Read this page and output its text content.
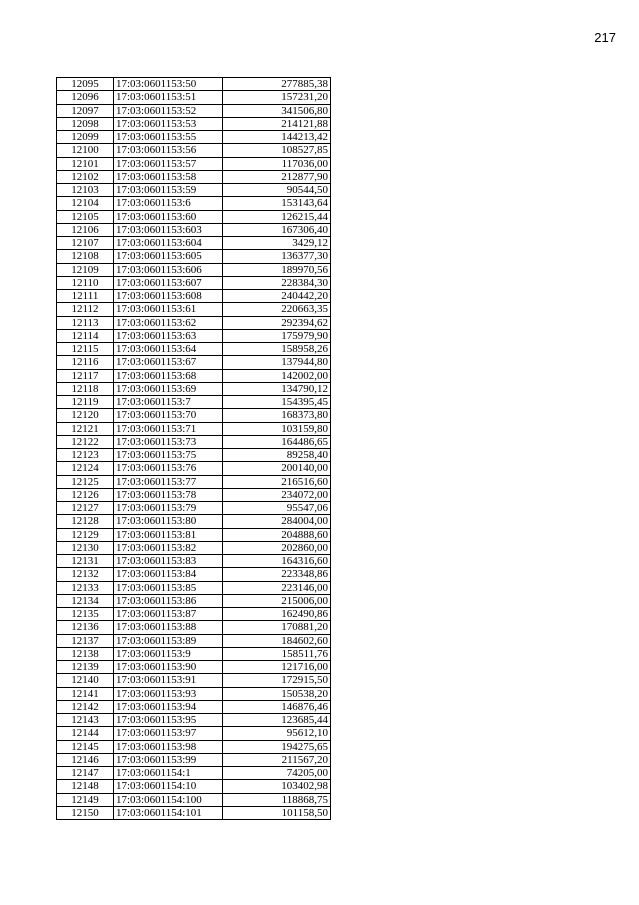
217
12095	17:03:0601153:50	277885,38
12096	17:03:0601153:51	157231,20
12097	17:03:0601153:52	341506,80
12098	17:03:0601153:53	214121,88
12099	17:03:0601153:55	144213,42
12100	17:03:0601153:56	108527,85
12101	17:03:0601153:57	117036,00
12102	17:03:0601153:58	212877,90
12103	17:03:0601153:59	90544,50
12104	17:03:0601153:6	153143,64
12105	17:03:0601153:60	126215,44
12106	17:03:0601153:603	167306,40
12107	17:03:0601153:604	3429,12
12108	17:03:0601153:605	136377,30
12109	17:03:0601153:606	189970,56
12110	17:03:0601153:607	228384,30
12111	17:03:0601153:608	240442,20
12112	17:03:0601153:61	220663,35
12113	17:03:0601153:62	292394,62
12114	17:03:0601153:63	175979,90
12115	17:03:0601153:64	158958,26
12116	17:03:0601153:67	137944,80
12117	17:03:0601153:68	142002,00
12118	17:03:0601153:69	134790,12
12119	17:03:0601153:7	154395,45
12120	17:03:0601153:70	168373,80
12121	17:03:0601153:71	103159,80
12122	17:03:0601153:73	164486,65
12123	17:03:0601153:75	89258,40
12124	17:03:0601153:76	200140,00
12125	17:03:0601153:77	216516,60
12126	17:03:0601153:78	234072,00
12127	17:03:0601153:79	95547,06
12128	17:03:0601153:80	284004,00
12129	17:03:0601153:81	204888,60
12130	17:03:0601153:82	202860,00
12131	17:03:0601153:83	164316,60
12132	17:03:0601153:84	223348,86
12133	17:03:0601153:85	223146,00
12134	17:03:0601153:86	215006,00
12135	17:03:0601153:87	162490,86
12136	17:03:0601153:88	170881,20
12137	17:03:0601153:89	184602,60
12138	17:03:0601153:9	158511,76
12139	17:03:0601153:90	121716,00
12140	17:03:0601153:91	172915,50
12141	17:03:0601153:93	150538,20
12142	17:03:0601153:94	146876,46
12143	17:03:0601153:95	123685,44
12144	17:03:0601153:97	95612,10
12145	17:03:0601153:98	194275,65
12146	17:03:0601153:99	211567,20
12147	17:03:0601154:1	74205,00
12148	17:03:0601154:10	103402,98
12149	17:03:0601154:100	118868,75
12150	17:03:0601154:101	101158,50
